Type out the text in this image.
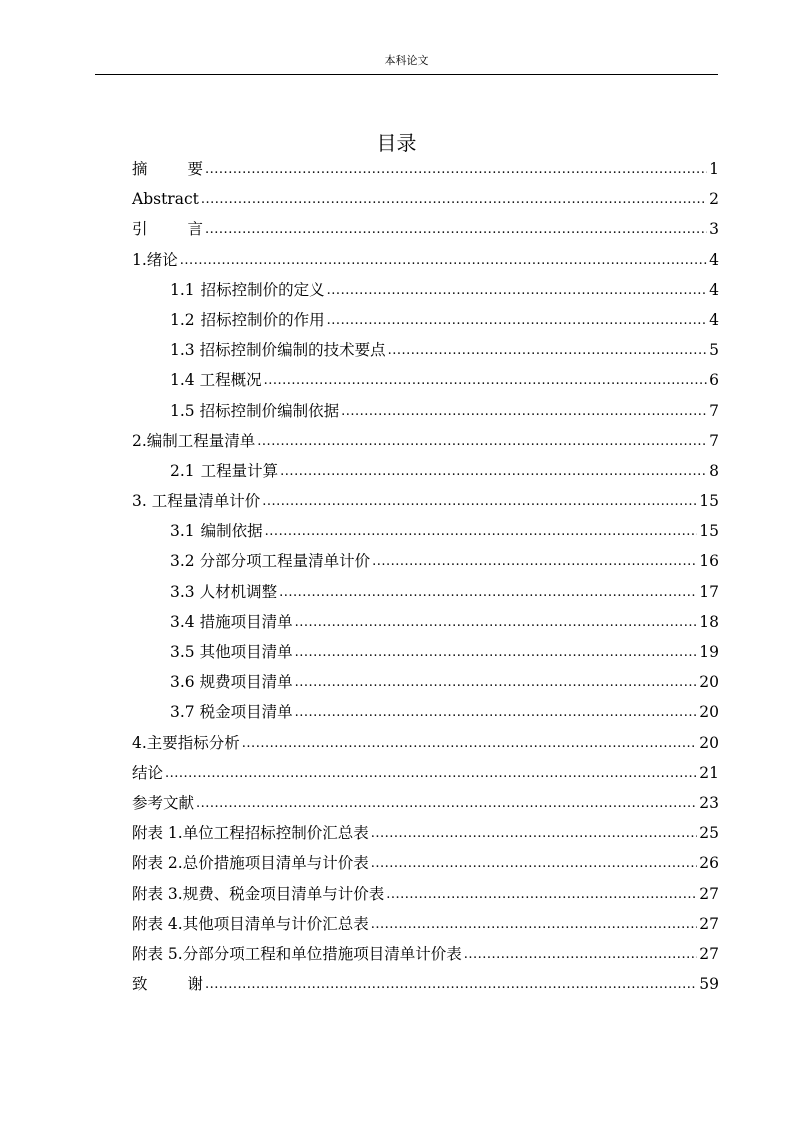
本科论文
目录
摘	要 .....	1
Abstract .....	2
引	言 .....	3
1.绪论 .....	4
1.1 招标控制价的定义 .....	4
1.2 招标控制价的作用 .....	4
1.3 招标控制价编制的技术要点 .....	5
1.4 工程概况 .....	6
1.5 招标控制价编制依据 .....	7
2.编制工程量清单 .....	7
2.1 工程量计算 .....	8
3. 工程量清单计价 .....	15
3.1 编制依据 .....	15
3.2 分部分项工程量清单计价 .....	16
3.3 人材机调整 .....	17
3.4 措施项目清单 .....	18
3.5 其他项目清单 .....	19
3.6 规费项目清单 .....	20
3.7 税金项目清单 .....	20
4.主要指标分析 .....	20
结论 .....	21
参考文献 .....	23
附表 1.单位工程招标控制价汇总表 .....	25
附表 2.总价措施项目清单与计价表 .....	26
附表 3.规费、税金项目清单与计价表 .....	27
附表 4.其他项目清单与计价汇总表 .....	27
附表 5.分部分项工程和单位措施项目清单计价表 .....	27
致	谢 .....	59
